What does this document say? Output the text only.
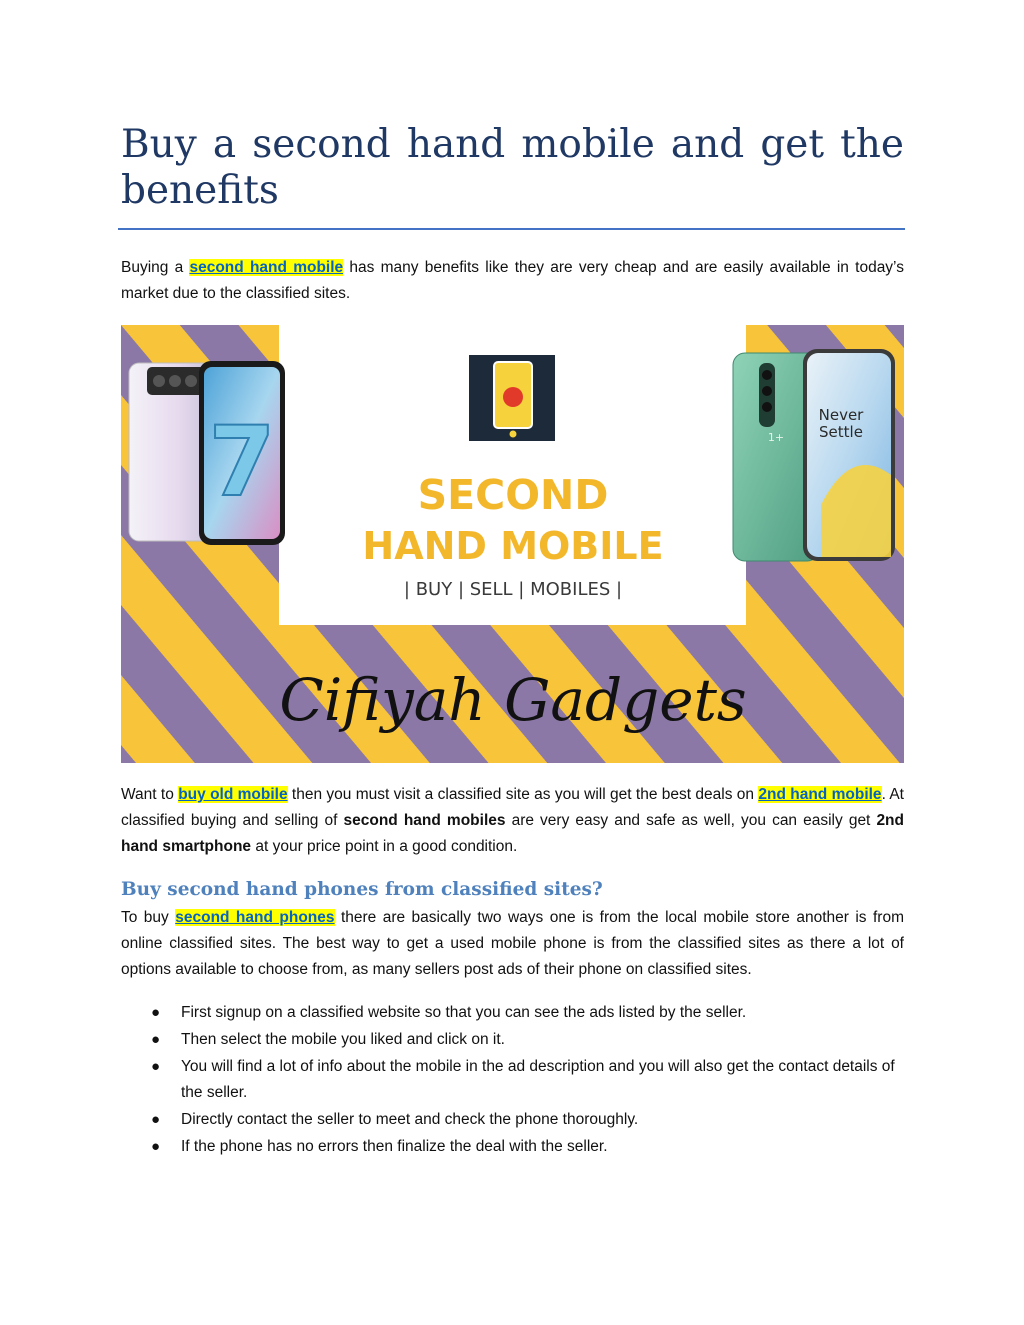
Buy a second hand mobile and get the benefits

Buying a second hand mobile has many benefits like they are very cheap and are easily available in today’s market due to the classified sites.

SECOND
HAND MOBILE
| BUY | SELL | MOBILES |
Cifiyah Gadgets
7	1+
Never
Settle

Want to buy old mobile then you must visit a classified site as you will get the best deals on 2nd hand mobile. At classified buying and selling of second hand mobiles are very easy and safe as well, you can easily get 2nd hand smartphone at your price point in a good condition.

Buy second hand phones from classified sites?

To buy second hand phones there are basically two ways one is from the local mobile store another is from online classified sites. The best way to get a used mobile phone is from the classified sites as there a lot of options available to choose from, as many sellers post ads of their phone on classified sites.

● First signup on a classified website so that you can see the ads listed by the seller.
● Then select the mobile you liked and click on it.
● You will find a lot of info about the mobile in the ad description and you will also get the contact details of the seller.
● Directly contact the seller to meet and check the phone thoroughly.
● If the phone has no errors then finalize the deal with the seller.
